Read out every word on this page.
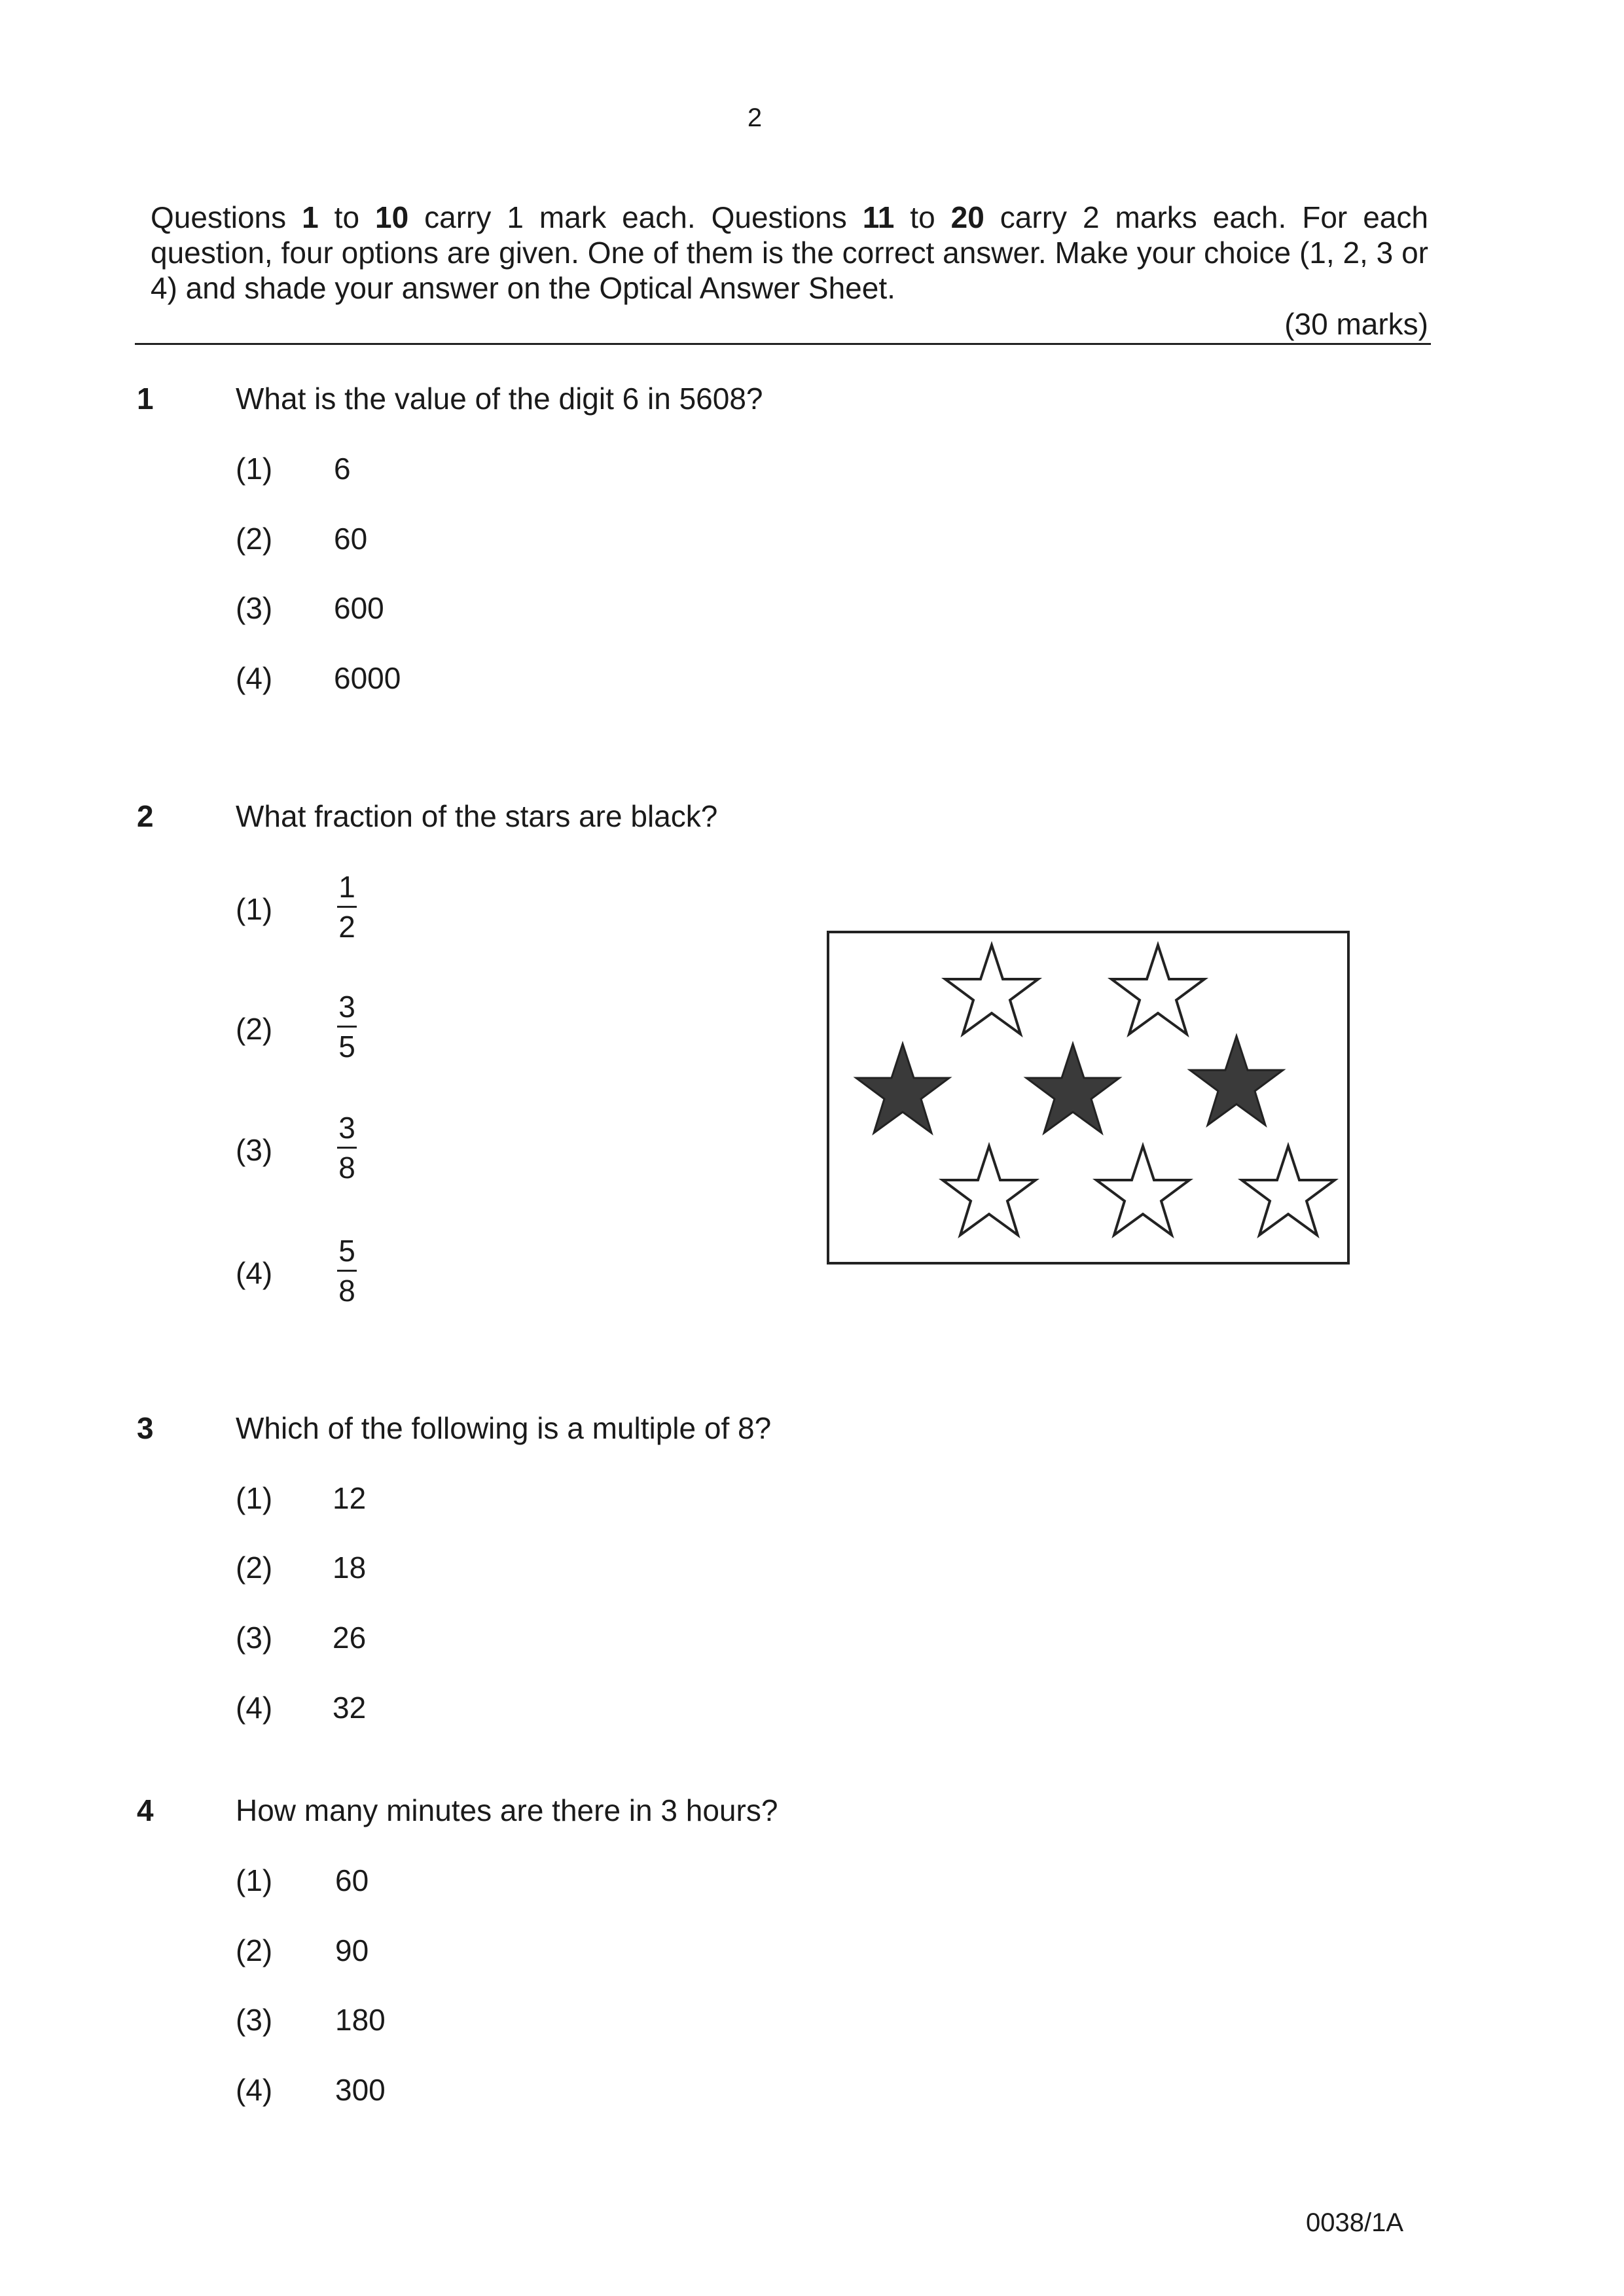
2
Questions 1 to 10 carry 1 mark each. Questions 11 to 20 carry 2 marks each. For each question, four options are given. One of them is the correct answer. Make your choice (1, 2, 3 or 4) and shade your answer on the Optical Answer Sheet.
(30 marks)
1	What is the value of the digit 6 in 5608?
(1) 6
(2) 60
(3) 600
(4) 6000
2	What fraction of the stars are black?
(1)
1
2
(2)
3
5
(3)
3
8
(4)
5
8
3	Which of the following is a multiple of 8?
(1) 12
(2) 18
(3) 26
(4) 32
4	How many minutes are there in 3 hours?
(1) 60
(2) 90
(3) 180
(4) 300
0038/1A
